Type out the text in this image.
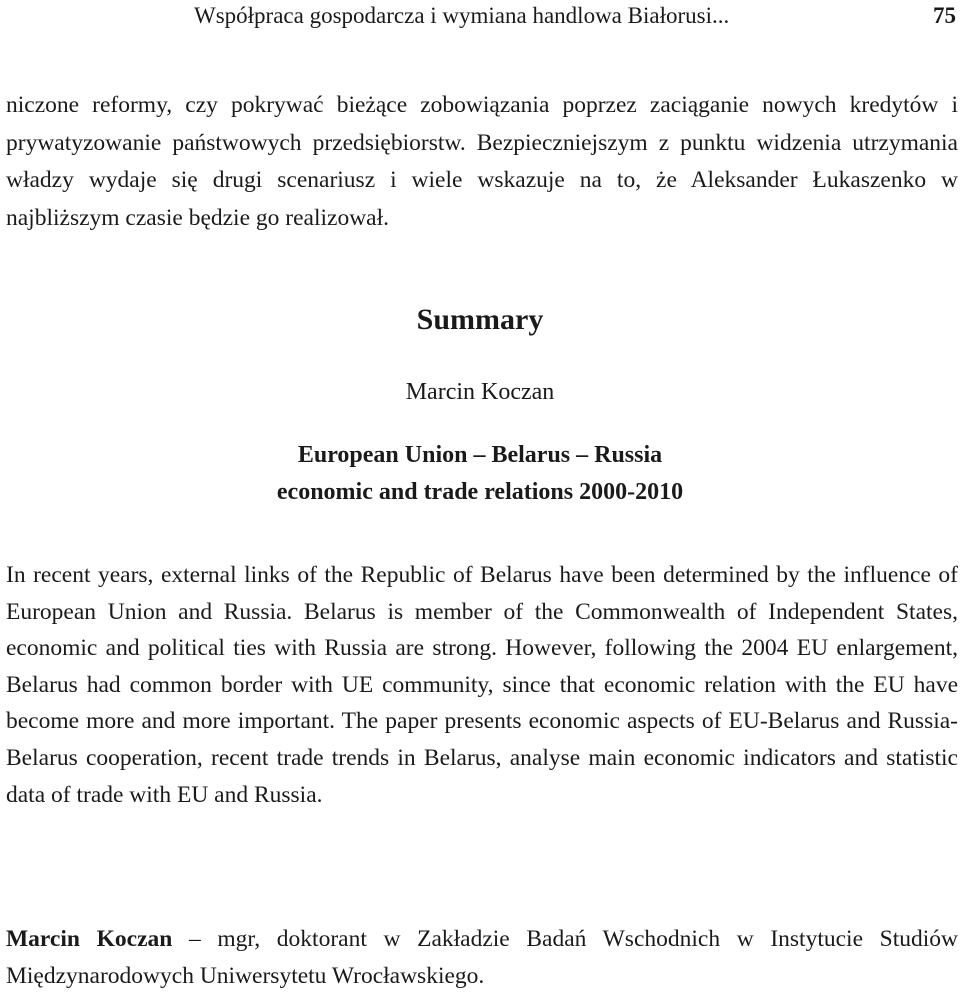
Współpraca gospodarcza i wymiana handlowa Białorusi...	75

niczone reformy, czy pokrywać bieżące zobowiązania poprzez zaciąganie nowych kredytów i prywatyzowanie państwowych przedsiębiorstw. Bezpieczniejszym z punktu widzenia utrzymania władzy wydaje się drugi scenariusz i wiele wskazuje na to, że Aleksander Łukaszenko w najbliższym czasie będzie go realizował.

Summary

Marcin Koczan

European Union – Belarus – Russia
economic and trade relations 2000-2010

In recent years, external links of the Republic of Belarus have been determined by the influence of European Union and Russia. Belarus is member of the Commonwealth of Independent States, economic and political ties with Russia are strong. However, following the 2004 EU enlargement, Belarus had common border with UE community, since that economic relation with the EU have become more and more important. The paper presents economic aspects of EU-Belarus and Russia-Belarus cooperation, recent trade trends in Belarus, analyse main economic indicators and statistic data of trade with EU and Russia.

Marcin Koczan – mgr, doktorant w Zakładzie Badań Wschodnich w Instytucie Studiów Międzynarodowych Uniwersytetu Wrocławskiego.
